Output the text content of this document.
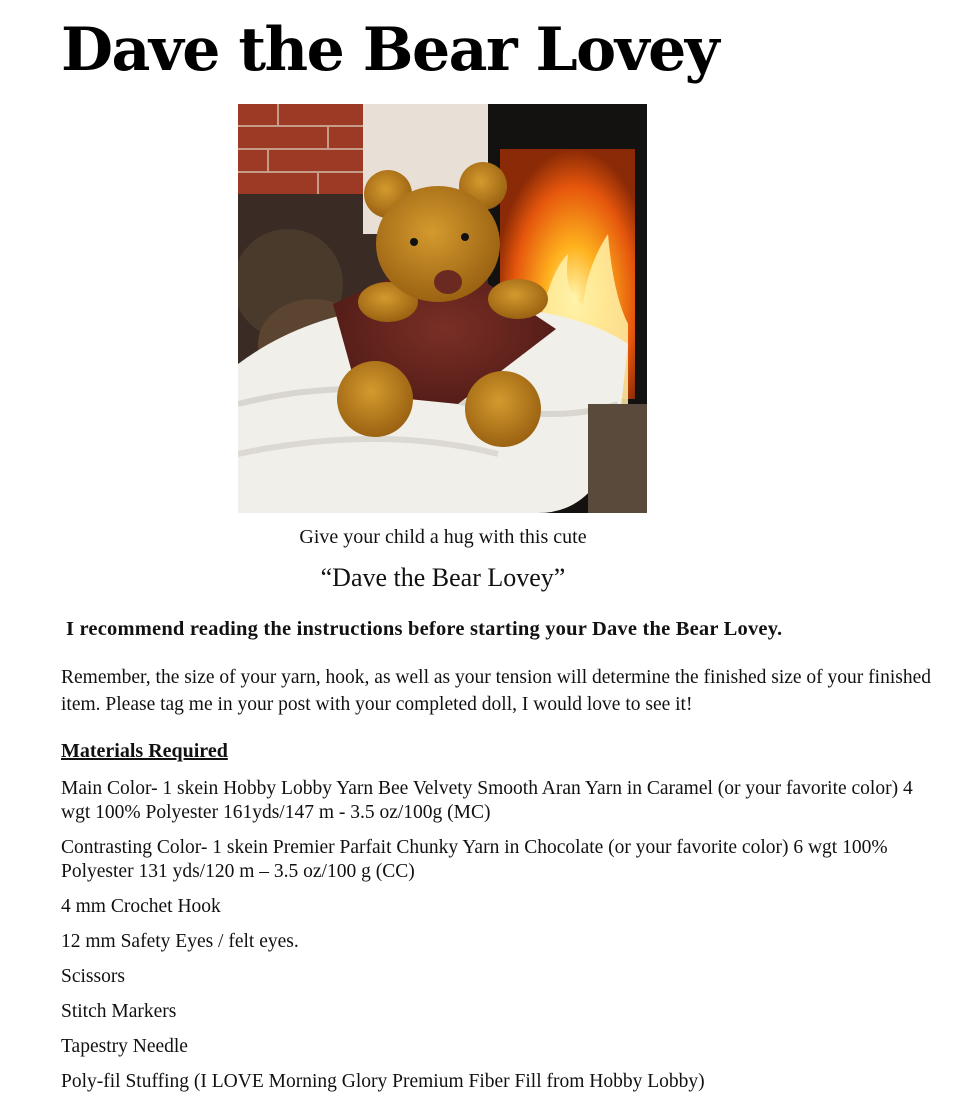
Dave the Bear Lovey
Give your child a hug with this cute
“Dave the Bear Lovey”

I recommend reading the instructions before starting your Dave the Bear Lovey.

Remember, the size of your yarn, hook, as well as your tension will determine the finished size of your finished item. Please tag me in your post with your completed doll, I would love to see it!

Materials Required
Main Color- 1 skein Hobby Lobby Yarn Bee Velvety Smooth Aran Yarn in Caramel (or your favorite color) 4 wgt 100% Polyester 161yds/147 m - 3.5 oz/100g (MC)
Contrasting Color- 1 skein Premier Parfait Chunky Yarn in Chocolate (or your favorite color) 6 wgt 100% Polyester 131 yds/120 m – 3.5 oz/100 g (CC)
4 mm Crochet Hook
12 mm Safety Eyes / felt eyes.
Scissors
Stitch Markers
Tapestry Needle
Poly-fil Stuffing (I LOVE Morning Glory Premium Fiber Fill from Hobby Lobby)
